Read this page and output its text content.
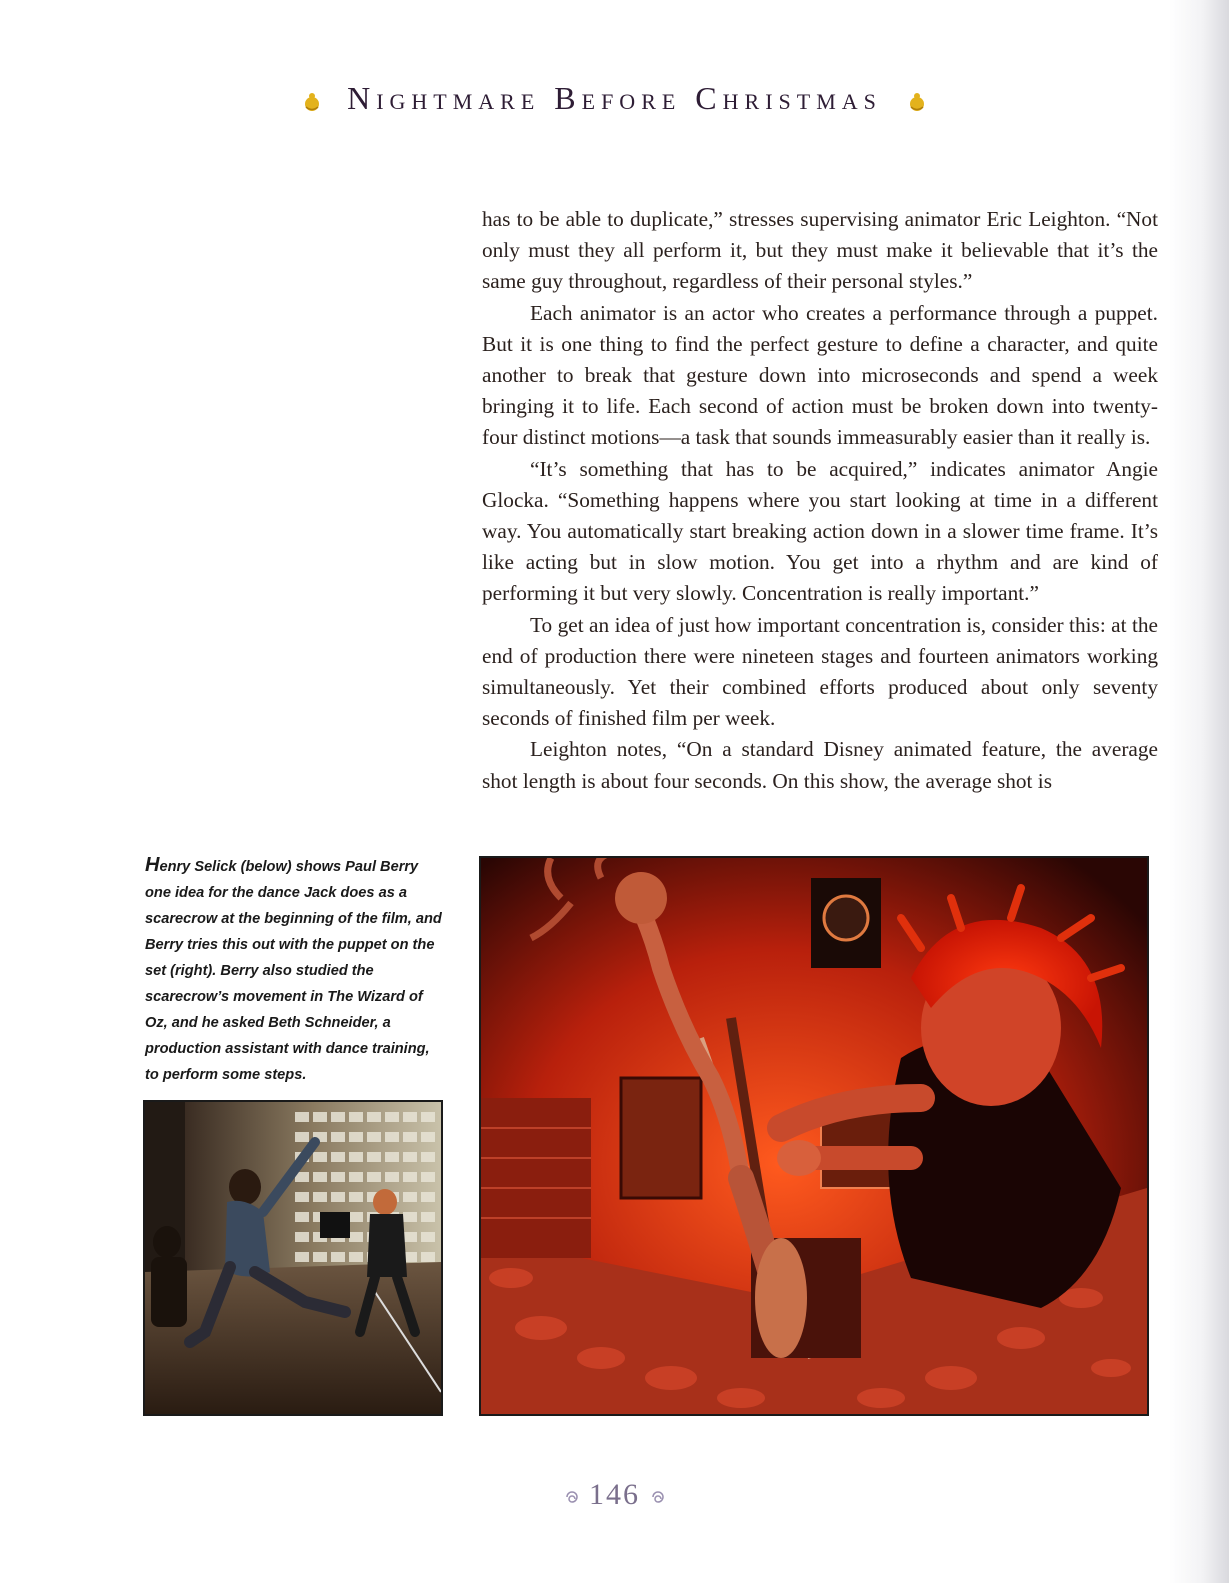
Nightmare Before Christmas

has to be able to duplicate,” stresses supervising animator Eric Leighton. “Not only must they all perform it, but they must make it believable that it’s the same guy throughout, regardless of their personal styles.”

Each animator is an actor who creates a performance through a puppet. But it is one thing to find the perfect gesture to define a character, and quite another to break that gesture down into microseconds and spend a week bringing it to life. Each second of action must be broken down into twenty-four distinct motions—a task that sounds immeasurably easier than it really is.

“It’s something that has to be acquired,” indicates animator Angie Glocka. “Something happens where you start looking at time in a different way. You automatically start breaking action down in a slower time frame. It’s like acting but in slow motion. You get into a rhythm and are kind of performing it but very slowly. Concentration is really important.”

To get an idea of just how important concentration is, consider this: at the end of production there were nineteen stages and fourteen animators working simultaneously. Yet their combined efforts produced about only seventy seconds of finished film per week.

Leighton notes, “On a standard Disney animated feature, the average shot length is about four seconds. On this show, the average shot is

Henry Selick (below) shows Paul Berry one idea for the dance Jack does as a scarecrow at the beginning of the film, and Berry tries this out with the puppet on the set (right). Berry also studied the scarecrow’s movement in The Wizard of Oz, and he asked Beth Schneider, a production assistant with dance training, to perform some steps.
146
